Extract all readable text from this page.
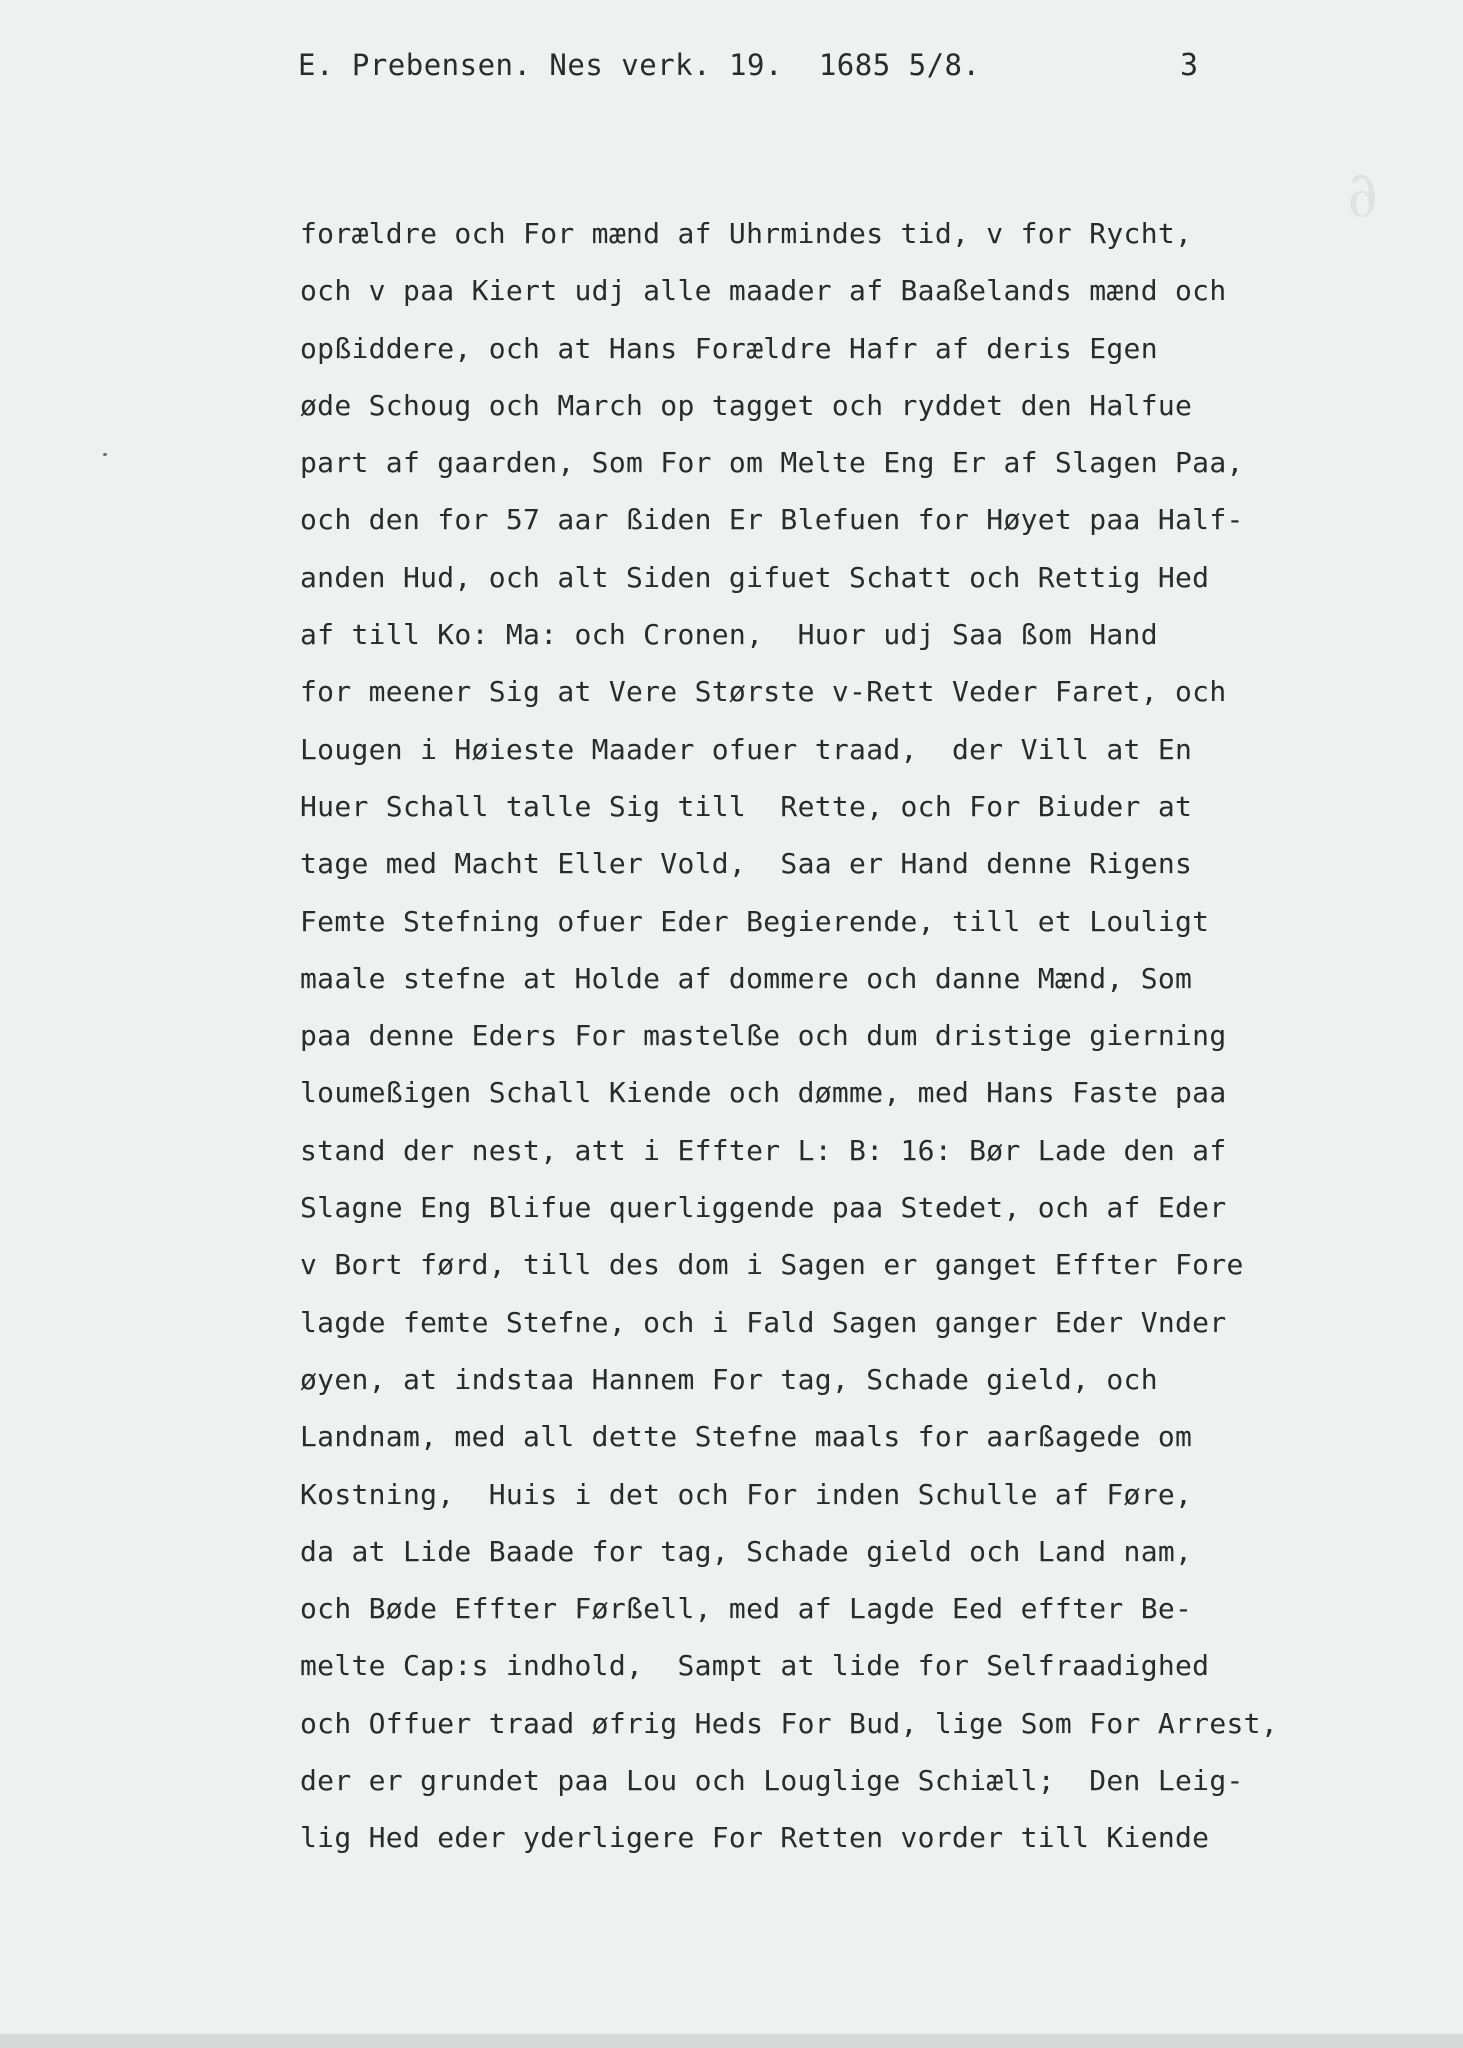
E. Prebensen. Nes verk. 19.  1685 5/8.	3
∂
forældre och For mænd af Uhrmindes tid, v for Rycht,
och v paa Kiert udj alle maader af Baaßelands mænd och
opßiddere, och at Hans Forældre Hafr af deris Egen
øde Schoug och March op tagget och ryddet den Halfue
part af gaarden, Som For om Melte Eng Er af Slagen Paa,
och den for 57 aar ßiden Er Blefuen for Høyet paa Half-
anden Hud, och alt Siden gifuet Schatt och Rettig Hed
af till Ko: Ma: och Cronen,  Huor udj Saa ßom Hand
for meener Sig at Vere Største v-Rett Veder Faret, och
Lougen i Høieste Maader ofuer traad,  der Vill at En
Huer Schall talle Sig till  Rette, och For Biuder at
tage med Macht Eller Vold,  Saa er Hand denne Rigens
Femte Stefning ofuer Eder Begierende, till et Louligt
maale stefne at Holde af dommere och danne Mænd, Som
paa denne Eders For mastelße och dum dristige gierning
loumeßigen Schall Kiende och dømme, med Hans Faste paa
stand der nest, att i Effter L: B: 16: Bør Lade den af
Slagne Eng Blifue querliggende paa Stedet, och af Eder
v Bort førd, till des dom i Sagen er ganget Effter Fore
lagde femte Stefne, och i Fald Sagen ganger Eder Vnder
øyen, at indstaa Hannem For tag, Schade gield, och
Landnam, med all dette Stefne maals for aarßagede om
Kostning,  Huis i det och For inden Schulle af Føre,
da at Lide Baade for tag, Schade gield och Land nam,
och Bøde Effter Førßell, med af Lagde Eed effter Be-
melte Cap:s indhold,  Sampt at lide for Selfraadighed
och Offuer traad øfrig Heds For Bud, lige Som For Arrest,
der er grundet paa Lou och Louglige Schiæll;  Den Leig-
lig Hed eder yderligere For Retten vorder till Kiende
